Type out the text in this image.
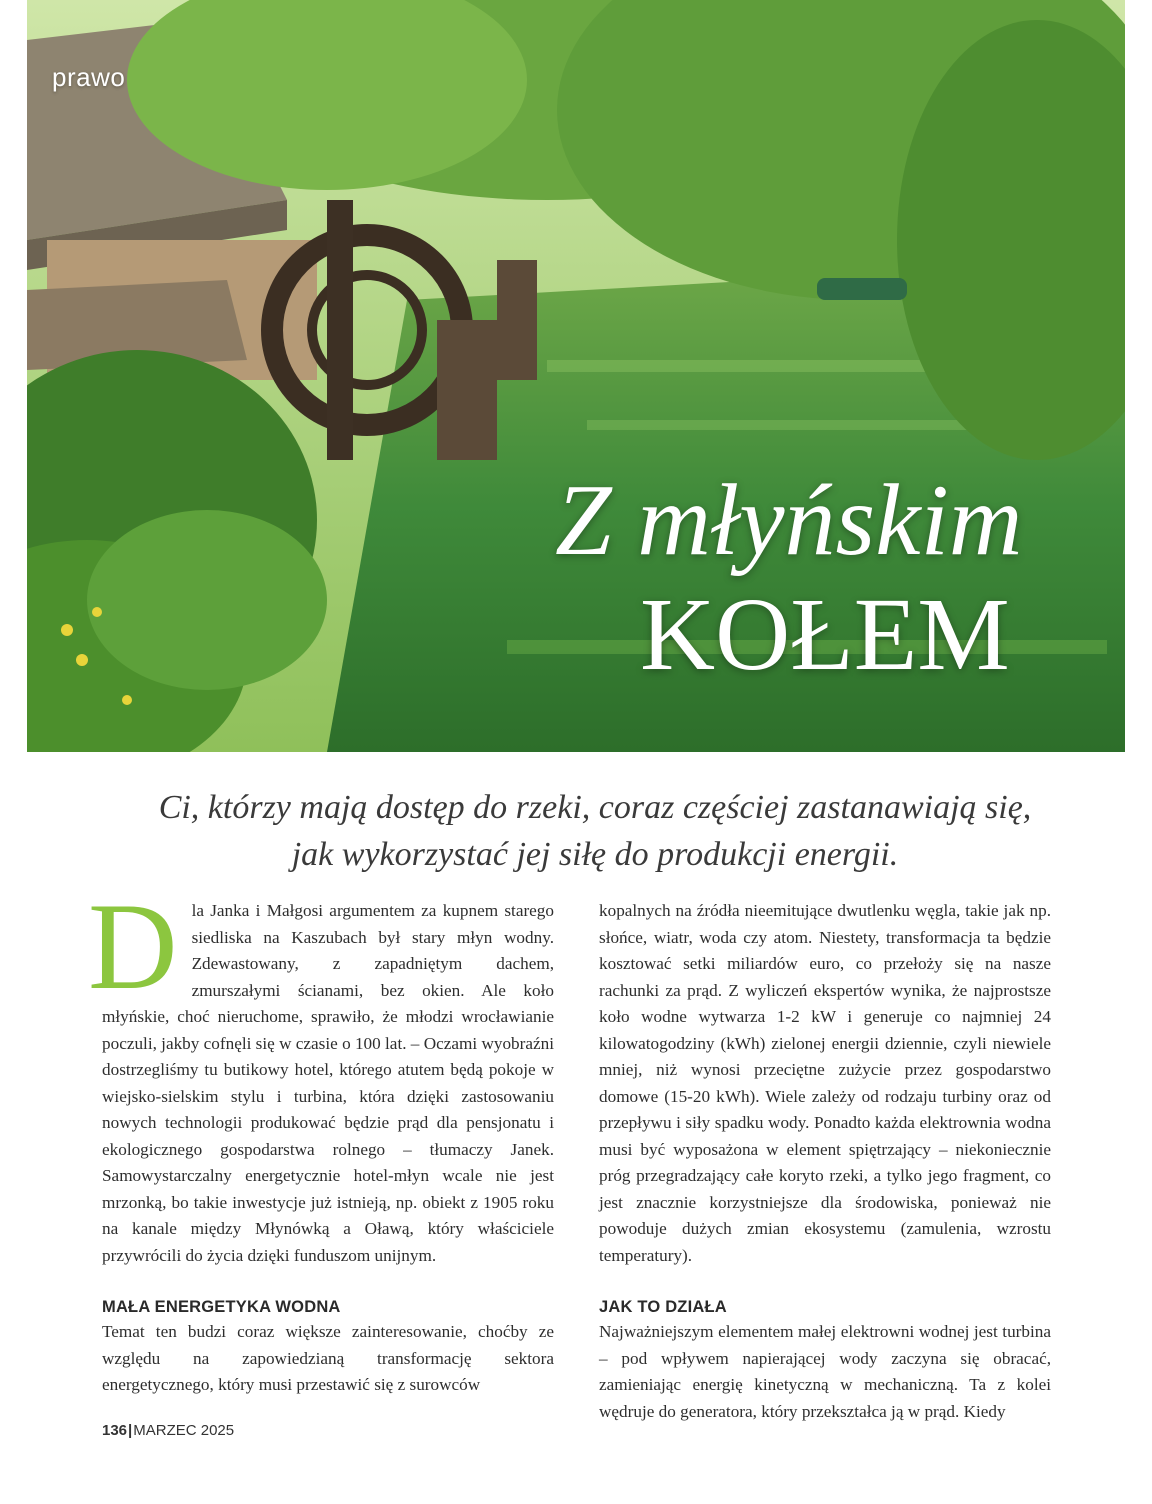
prawo
Z młyńskim
KOŁEM
Ci, którzy mają dostęp do rzeki, coraz częściej zastanawiają się,
jak wykorzystać jej siłę do produkcji energii.
D la Janka i Małgosi argumentem za kupnem starego siedliska na Kaszubach był stary młyn wodny. Zdewastowany, z zapadniętym dachem, zmurszałymi ścianami, bez okien. Ale koło młyńskie, choć nieruchome, sprawiło, że młodzi wrocławianie poczuli, jakby cofnęli się w czasie o 100 lat. – Oczami wyobraźni dostrzegliśmy tu butikowy hotel, którego atutem będą pokoje w wiejsko-sielskim stylu i turbina, która dzięki zastosowaniu nowych technologii produkować będzie prąd dla pensjonatu i ekologicznego gospodarstwa rolnego – tłumaczy Janek. Samowystarczalny energetycznie hotel-młyn wcale nie jest mrzonką, bo takie inwestycje już istnieją, np. obiekt z 1905 roku na kanale między Młynówką a Oławą, który właściciele przywrócili do życia dzięki funduszom unijnym.

MAŁA ENERGETYKA WODNA

Temat ten budzi coraz większe zainteresowanie, choćby ze względu na zapowiedzianą transformację sektora energetycznego, który musi przestawić się z surowców

kopalnych na źródła nieemitujące dwutlenku węgla, takie jak np. słońce, wiatr, woda czy atom. Niestety, transformacja ta będzie kosztować setki miliardów euro, co przełoży się na nasze rachunki za prąd. Z wyliczeń ekspertów wynika, że najprostsze koło wodne wytwarza 1-2 kW i generuje co najmniej 24 kilowatogodziny (kWh) zielonej energii dziennie, czyli niewiele mniej, niż wynosi przeciętne zużycie przez gospodarstwo domowe (15-20 kWh). Wiele zależy od rodzaju turbiny oraz od przepływu i siły spadku wody. Ponadto każda elektrownia wodna musi być wyposażona w element spiętrzający – niekoniecznie próg przegradzający całe koryto rzeki, a tylko jego fragment, co jest znacznie korzystniejsze dla środowiska, ponieważ nie powoduje dużych zmian ekosystemu (zamulenia, wzrostu temperatury).

JAK TO DZIAŁA

Najważniejszym elementem małej elektrowni wodnej jest turbina – pod wpływem napierającej wody zaczyna się obracać, zamieniając energię kinetyczną w mechaniczną. Ta z kolei wędruje do generatora, który przekształca ją w prąd. Kiedy

136|MARZEC 2025
